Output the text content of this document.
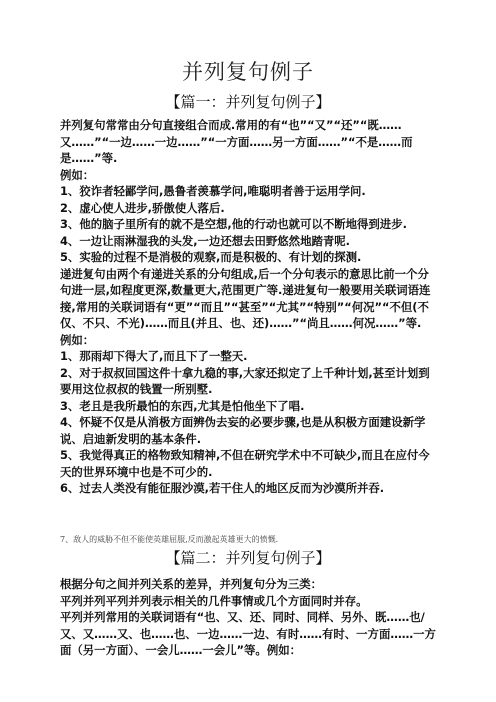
并列复句例子
【篇一：并列复句例子】

并列复句常常由分句直接组合而成.常用的有“也”“又”“还”“既……又……”“一边……一边……”“一方面……另一方面……”“不是……而是……”等.

例如：

1、狡诈者轻鄙学问,愚鲁者羡慕学问,唯聪明者善于运用学问.

2、虚心使人进步,骄傲使人落后.

3、他的脑子里所有的就不是空想,他的行动也就可以不断地得到进步.

4、一边让雨淋湿我的头发,一边还想去田野悠然地踏青呢.

5、实验的过程不是消极的观察,而是积极的、有计划的探测.

递进复句由两个有递进关系的分句组成,后一个分句表示的意思比前一个分句进一层,如程度更深,数量更大,范围更广等.递进复句一般要用关联词语连接,常用的关联词语有“更”“而且”“甚至”“尤其”“特别”“何况”“不但(不仅、不只、不光)……而且(并且、也、还)……”“尚且……何况……”等.

例如：

1、那雨却下得大了,而且下了一整天.

2、对于叔叔回国这件十拿九稳的事,大家还拟定了上千种计划,甚至计划到要用这位叔叔的钱置一所别墅.

3、老且是我所最怕的东西,尤其是怕他坐下了唱.

4、怀疑不仅是从消极方面辨伪去妄的必要步骤,也是从积极方面建设新学说、启迪新发明的基本条件.

5、我觉得真正的格物致知精神,不但在研究学术中不可缺少,而且在应付今天的世界环境中也是不可少的.

6、过去人类没有能征服沙漠,若干住人的地区反而为沙漠所并吞.

7、敌人的威胁不但不能使英雄屈服,反而激起英雄更大的愤慨.
【篇二：并列复句例子】

根据分句之间并列关系的差异，并列复句分为三类：

平列并列平列并列表示相关的几件事情或几个方面同时并存。

平列并列常用的关联词语有“也、又、还、同时、同样、另外、既……也/又、又……又、也……也、一边……一边、有时……有时、一方面……一方面（另一方面）、一会儿……一会儿”等。例如：
